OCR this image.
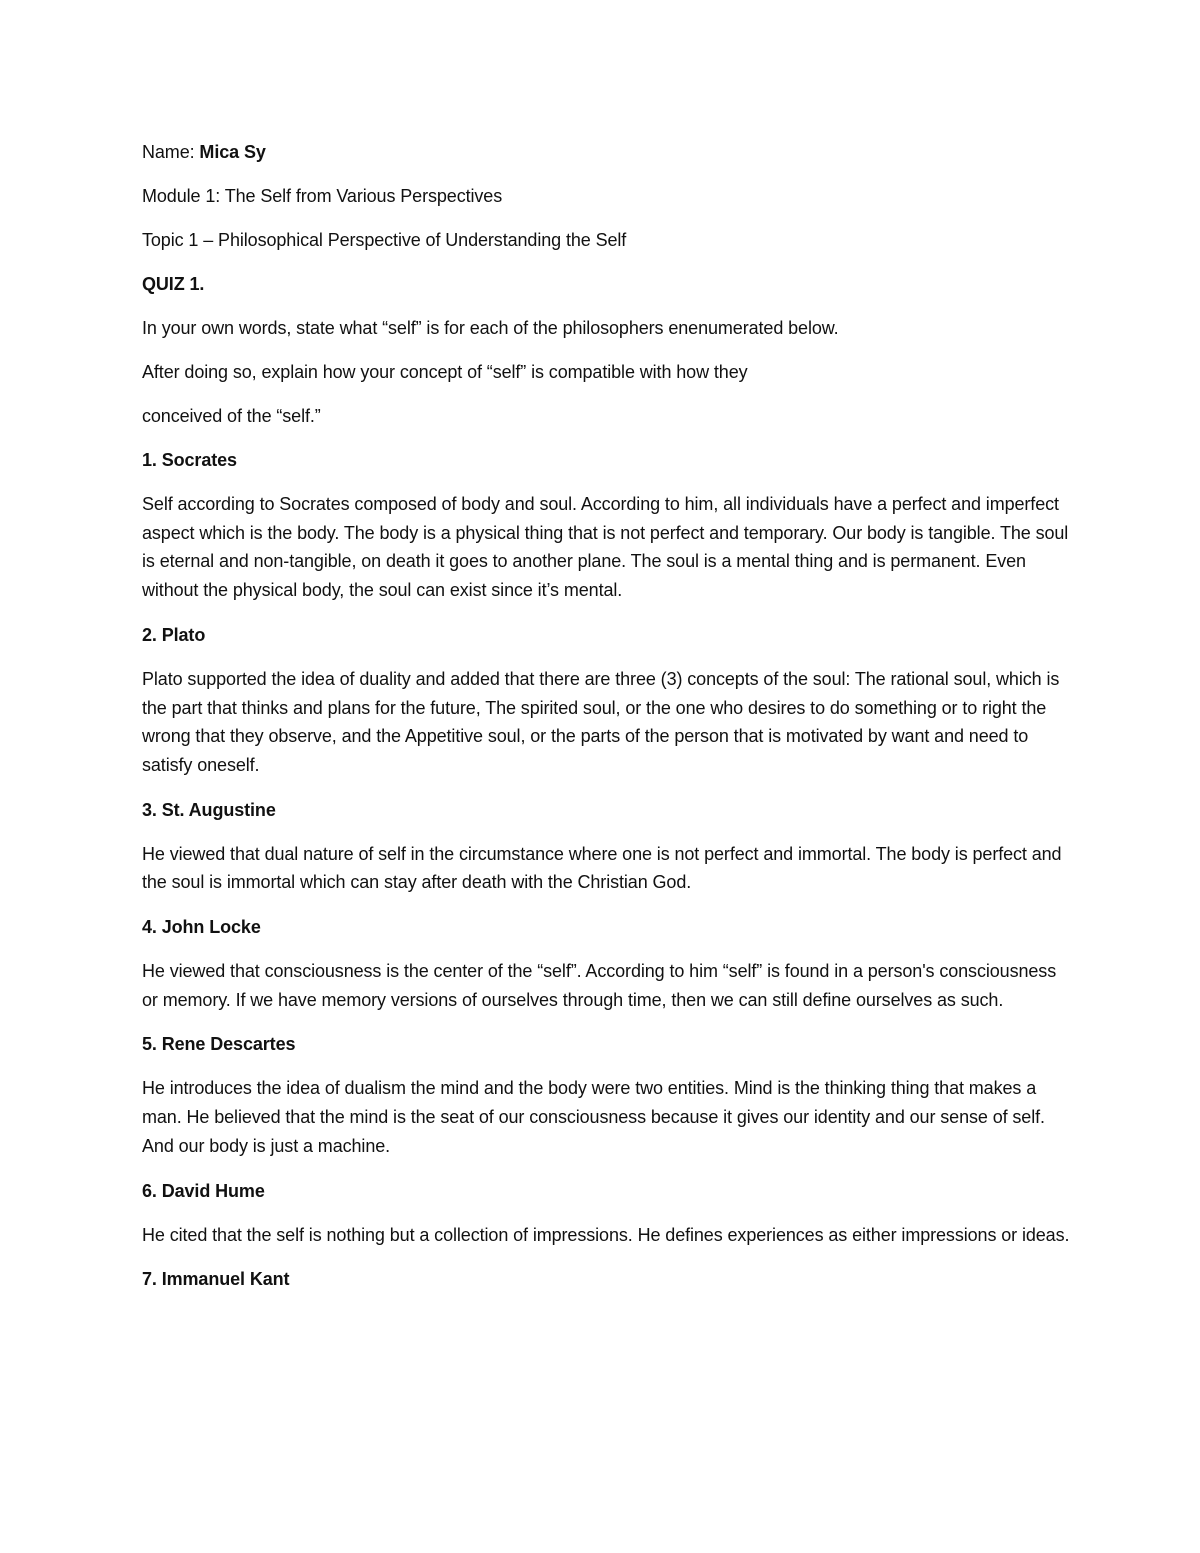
Name: Mica Sy

Module 1: The Self from Various Perspectives

Topic 1 – Philosophical Perspective of Understanding the Self

QUIZ 1.

In your own words, state what “self” is for each of the philosophers enenumerated below.

After doing so, explain how your concept of “self” is compatible with how they

conceived of the “self.”

1. Socrates

Self according to Socrates composed of body and soul. According to him, all individuals have a perfect and imperfect aspect which is the body. The body is a physical thing that is not perfect and temporary. Our body is tangible. The soul is eternal and non-tangible, on death it goes to another plane. The soul is a mental thing and is permanent. Even without the physical body, the soul can exist since it’s mental.

2. Plato

Plato supported the idea of duality and added that there are three (3) concepts of the soul: The rational soul, which is the part that thinks and plans for the future, The spirited soul, or the one who desires to do something or to right the wrong that they observe, and the Appetitive soul, or the parts of the person that is motivated by want and need to satisfy oneself.

3. St. Augustine

He viewed that dual nature of self in the circumstance where one is not perfect and immortal. The body is perfect and the soul is immortal which can stay after death with the Christian God.

4. John Locke

He viewed that consciousness is the center of the “self”. According to him “self” is found in a person's consciousness or memory. If we have memory versions of ourselves through time, then we can still define ourselves as such.

5. Rene Descartes

He introduces the idea of dualism the mind and the body were two entities. Mind is the thinking thing that makes a man. He believed that the mind is the seat of our consciousness because it gives our identity and our sense of self. And our body is just a machine.

6. David Hume

He cited that the self is nothing but a collection of impressions. He defines experiences as either impressions or ideas.

7. Immanuel Kant
